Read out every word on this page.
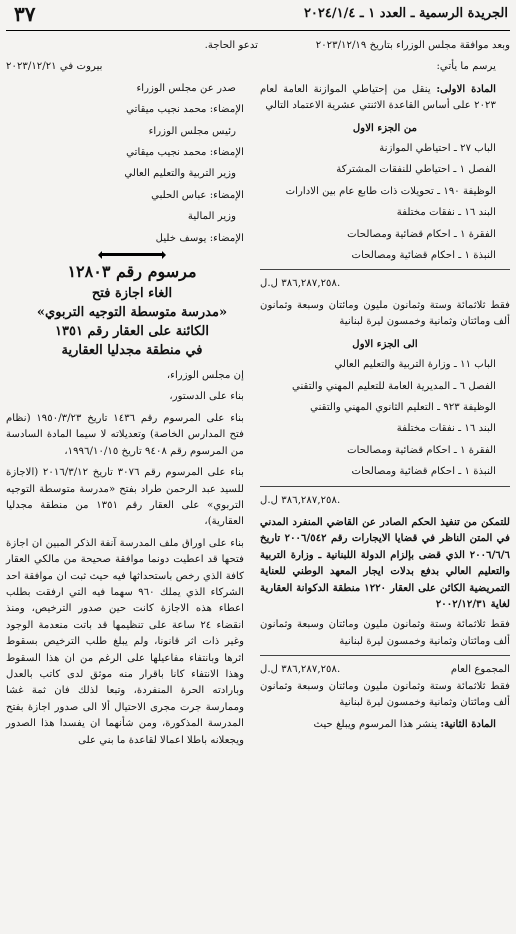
الجريدة الرسمية ـ العدد ١ ـ ٢٠٢٤/١/٤
٣٧

وبعد موافقة مجلس الوزراء بتاريخ ٢٠٢٣/١٢/١٩

يرسم ما يأتي:

المادة الاولى: ينقل من إحتياطي الموازنة العامة لعام ٢٠٢٣ على أساس القاعدة الاثنتي عشرية الاعتماد التالي

من الجزء الاول

الباب ٢٧ ـ احتياطي الموازنة

الفصل ١ ـ احتياطي للنفقات المشتركة

الوظيفة ١٩٠ ـ تحويلات ذات طابع عام بين الادارات

البند ١٦ ـ نفقات مختلفة

الفقرة ١ ـ احكام قضائية ومصالحات

النبذة ١ ـ احكام قضائية ومصالحات

٣٨٦,٢٨٧,٢٥٨ ل.ل.

فقط ثلاثمائة وستة وثمانون مليون ومائتان وسبعة وثمانون ألف ومائتان وثمانية وخمسون ليرة لبنانية

الى الجزء الاول

الباب ١١ ـ وزارة التربية والتعليم العالي

الفصل ٦ ـ المديرية العامة للتعليم المهني والتقني

الوظيفة ٩٢٣ ـ التعليم الثانوي المهني والتقني

البند ١٦ ـ نفقات مختلفة

الفقرة ١ ـ احكام قضائية ومصالحات

النبذة ١ ـ احكام قضائية ومصالحات

٣٨٦,٢٨٧,٢٥٨ ل.ل.

للتمكن من تنفيذ الحكم الصادر عن القاضي المنفرد المدني في المتن الناظر في قضايا الايجارات رقم ٢٠٠٦/٥٤٢ تاريخ ٢٠٠٦/٦/٦ الذي قضى بإلزام الدولة اللبنانية ـ وزارة التربية والتعليم العالي بدفع بدلات ايجار المعهد الوطني للعناية التمريضية الكائن على العقار ١٢٢٠ منطقة الدكوانة العقارية لغاية ٢٠٠٢/١٢/٣١

فقط ثلاثمائة وستة وثمانون مليون ومائتان وسبعة وثمانون ألف ومائتان وثمانية وخمسون ليرة لبنانية

المجموع العام
٣٨٦,٢٨٧,٢٥٨ ل.ل.

فقط ثلاثمائة وستة وثمانون مليون ومائتان وسبعة وثمانون ألف ومائتان وثمانية وخمسون ليرة لبنانية

المادة الثانية: ينشر هذا المرسوم ويبلغ حيث

تدعو الحاجة.

بيروت في ٢٠٢٣/١٢/٢١

صدر عن مجلس الوزراء

الإمضاء: محمد نجيب ميقاتي

رئيس مجلس الوزراء

الإمضاء: محمد نجيب ميقاتي

وزير التربية والتعليم العالي

الإمضاء: عباس الحلبي

وزير المالية

الإمضاء: يوسف خليل

مرسوم رقم ١٢٨٠٣
الغاء اجازة فتح
«مدرسة متوسطة التوجيه التربوي»
الكائنة على العقار رقم ١٣٥١
في منطقة مجدليا العقارية

إن مجلس الوزراء،

بناء على الدستور،

بناء على المرسوم رقم ١٤٣٦ تاريخ ١٩٥٠/٣/٢٣ (نظام فتح المدارس الخاصة) وتعديلاته لا سيما المادة السادسة من المرسوم رقم ٩٤٠٨ تاريخ ١٩٩٦/١٠/١٥،

بناء على المرسوم رقم ٣٠٧٦ تاريخ ٢٠١٦/٣/١٢ (الاجازة للسيد عبد الرحمن طراد بفتح «مدرسة متوسطة التوجيه التربوي» على العقار رقم ١٣٥١ من منطقة مجدليا العقارية)،

بناء على اوراق ملف المدرسة آنفة الذكر المبين ان اجازة فتحها قد اعطيت دونما موافقة صحيحة من مالكي العقار كافة الذي رخص باستحداثها فيه حيث ثبت ان موافقة احد الشركاء الذي يملك ٩٦٠ سهما فيه التي ارفقت بطلب اعطاء هذه الاجازة كانت حين صدور الترخيص، ومنذ انقضاء ٢٤ ساعة على تنظيمها قد باتت منعدمة الوجود وغير ذات اثر قانونا، ولم يبلغ طلب الترخيص بسقوط اثرها وبانتفاء مفاعيلها على الرغم من ان هذا السقوط وهذا الانتفاء كانا باقرار منه موثق لدى كاتب بالعدل وبارادته الحرة المنفردة، وتبعا لذلك فان ثمة غشا وممارسة جرت مجرى الاحتيال ألا الى صدور اجازة بفتح المدرسة المذكورة، ومن شأنهما ان يفسدا هذا الصدور ويجعلانه باطلا اعمالا لقاعدة ما بني على
